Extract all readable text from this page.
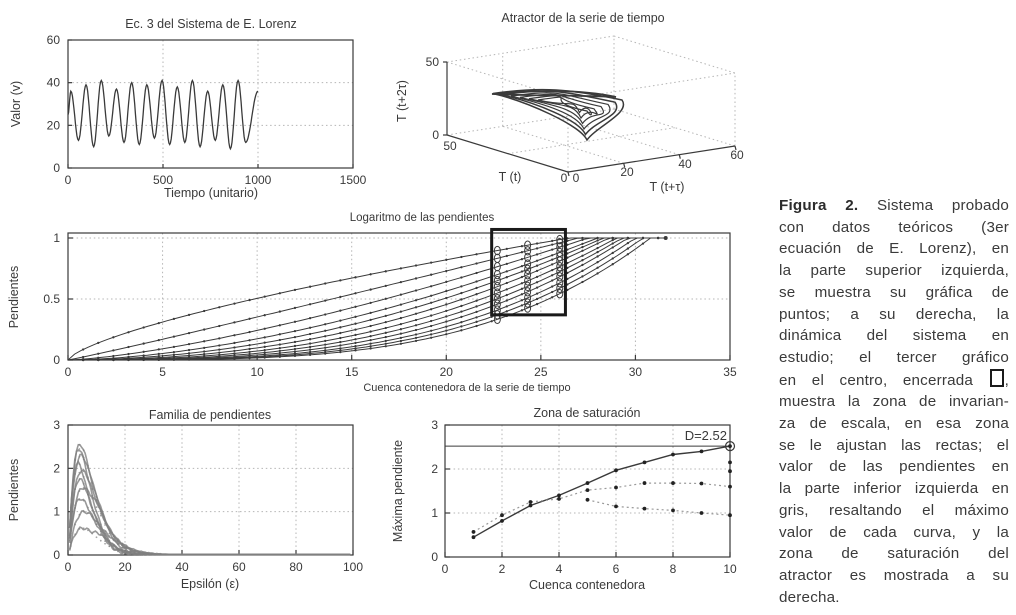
0	500	1000	1500
0
20
40
60
Ec. 3 del Sistema de E. Lorenz
Tiempo (unitario)
Valor (v)
50
0
50
0 0	20
40
60
Atractor de la serie de tiempo
T (t)
T (t+τ)
T (t+2τ)
0	5	10	15	20	25	30	35
0
0.5
1
Logaritmo de las pendientes
Cuenca contenedora de la serie de tiempo
Pendientes
0	20	40	60	80	100
0
1
2
3
Familia de pendientes
Epsilón (ε)
Pendientes
0	2	4	6	8	10
0
1
2
3
Zona de saturación
Cuenca contenedora
Máxima pendiente
D=2.52
Figura 2. Sistema probado
con datos teóricos (3er
ecuación de E. Lorenz), en
la parte superior izquierda,
se muestra su gráfica de
puntos; a su derecha, la
dinámica del sistema en
estudio; el tercer gráfico
en el centro, encerrada ,
muestra la zona de invarian-
za de escala, en esa zona
se le ajustan las rectas; el
valor de las pendientes en
la parte inferior izquierda en
gris, resaltando el máximo
valor de cada curva, y la
zona de saturación del
atractor es mostrada a su
derecha.
